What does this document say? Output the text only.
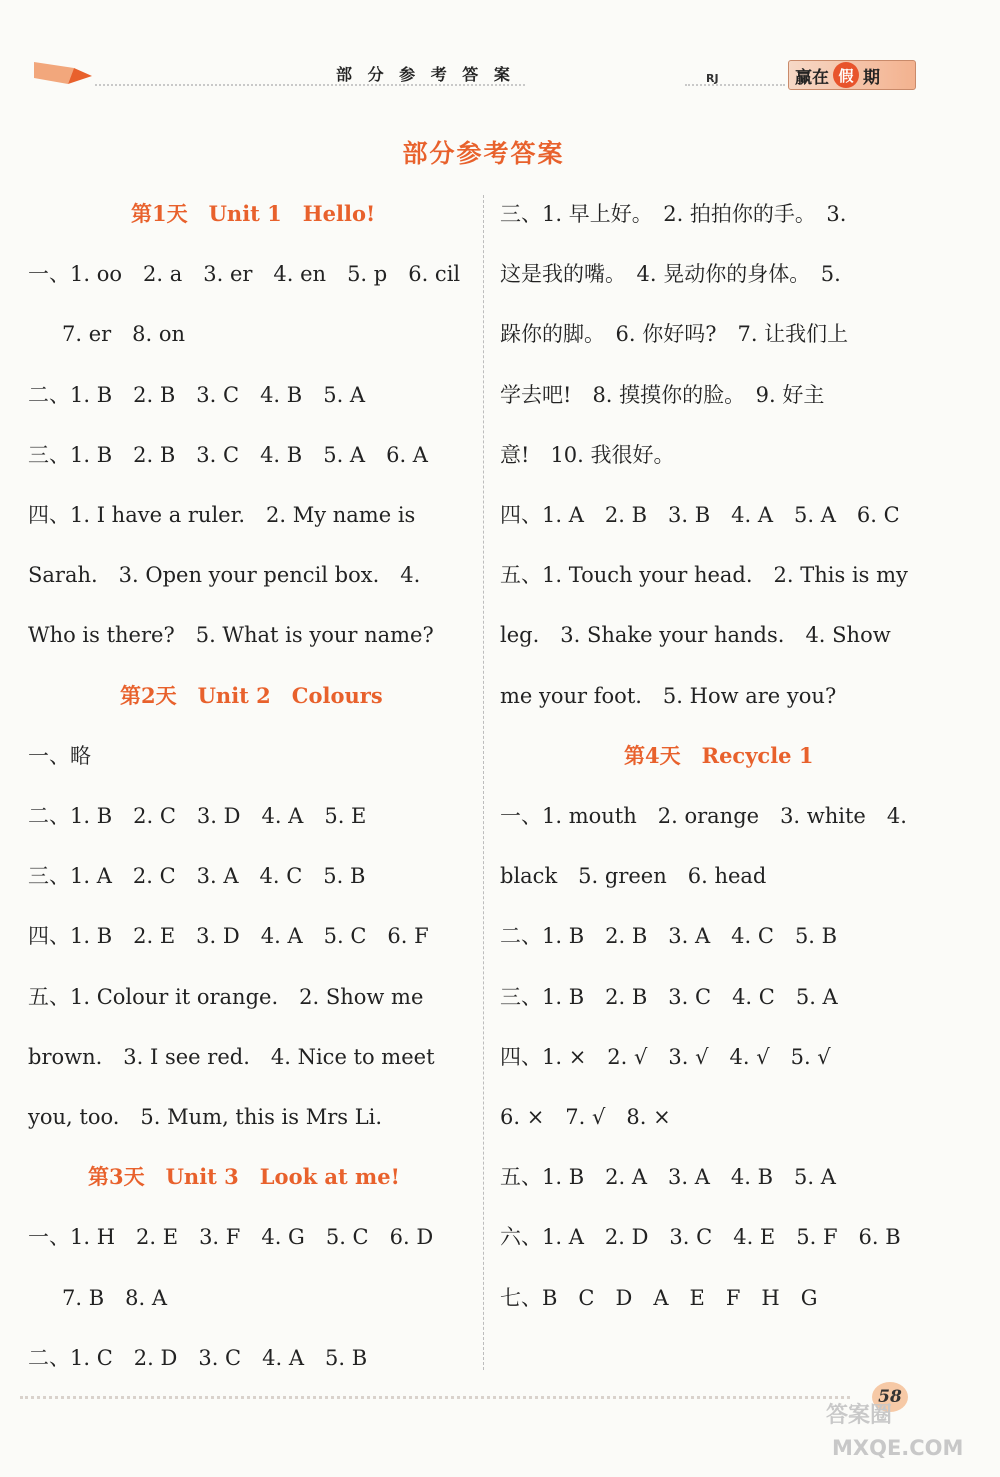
部 分 参 考 答 案	RJ	赢在 假 期
部分参考答案
第1天　Unit 1　Hello!
一、1. oo　2. a　3. er　4. en　5. p　6. cil
7. er　8. on
二、1. B　2. B　3. C　4. B　5. A
三、1. B　2. B　3. C　4. B　5. A　6. A
四、1. I have a ruler.　2. My name is
Sarah.　3. Open your pencil box.　4.
Who is there?　5. What is your name?
第2天　Unit 2　Colours
一、略
二、1. B　2. C　3. D　4. A　5. E
三、1. A　2. C　3. A　4. C　5. B
四、1. B　2. E　3. D　4. A　5. C　6. F
五、1. Colour it orange.　2. Show me
brown.　3. I see red.　4. Nice to meet
you, too.　5. Mum, this is Mrs Li.
第3天　Unit 3　Look at me!
一、1. H　2. E　3. F　4. G　5. C　6. D
7. B　8. A
二、1. C　2. D　3. C　4. A　5. B
三、1. 早上好。　2. 拍拍你的手。　3.
这是我的嘴。　4. 晃动你的身体。　5.
跺你的脚。　6. 你好吗?　7. 让我们上
学去吧!　8. 摸摸你的脸。　9. 好主
意!　10. 我很好。
四、1. A　2. B　3. B　4. A　5. A　6. C
五、1. Touch your head.　2. This is my
leg.　3. Shake your hands.　4. Show
me your foot.　5. How are you?
第4天　Recycle 1
一、1. mouth　2. orange　3. white　4.
black　5. green　6. head
二、1. B　2. B　3. A　4. C　5. B
三、1. B　2. B　3. C　4. C　5. A
四、1. ×　2. √　3. √　4. √　5. √
6. ×　7. √　8. ×
五、1. B　2. A　3. A　4. B　5. A
六、1. A　2. D　3. C　4. E　5. F　6. B
七、B　C　D　A　E　F　H　G
58
答案圈
MXQE.COM
